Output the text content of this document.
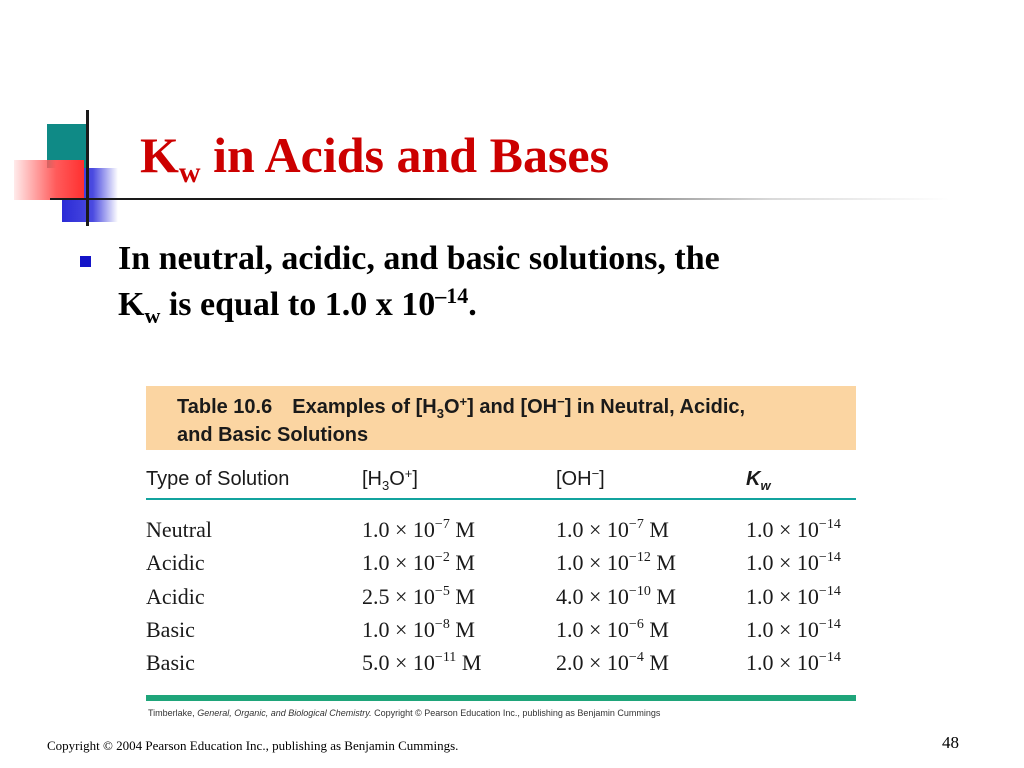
$K_w$ in Acids and Bases
In neutral, acidic, and basic solutions, the
$K_w$ is equal to 1.0 x $10^{-14}$.
Table 10.6 Examples of $[H_3O^+]$ and [OH−] in Neutral, Acidic,
and Basic Solutions
Type of Solution	$[H_3O^+]$	[OH−]	$K_w$
Neutral	$1.0 \times 10^{-7}$ M	$1.0 \times 10^{-7}$ M	$1.0 \times 10^{-14}$
Acidic	$1.0 \times 10^{-2}$ M	$1.0 \times 10^{-12}$ M	$1.0 \times 10^{-14}$
Acidic	$2.5 \times 10^{-5}$ M	$4.0 \times 10^{-10}$ M	$1.0 \times 10^{-14}$
Basic	$1.0 \times 10^{-8}$ M	$1.0 \times 10^{-6}$ M	$1.0 \times 10^{-14}$
Basic	$5.0 \times 10^{-11}$ M	$2.0 \times 10^{-4}$ M	$1.0 \times 10^{-14}$
Timberlake, General, Organic, and Biological Chemistry. Copyright © Pearson Education Inc., publishing as Benjamin Cummings
Copyright © 2004 Pearson Education Inc., publishing as Benjamin Cummings.	48
